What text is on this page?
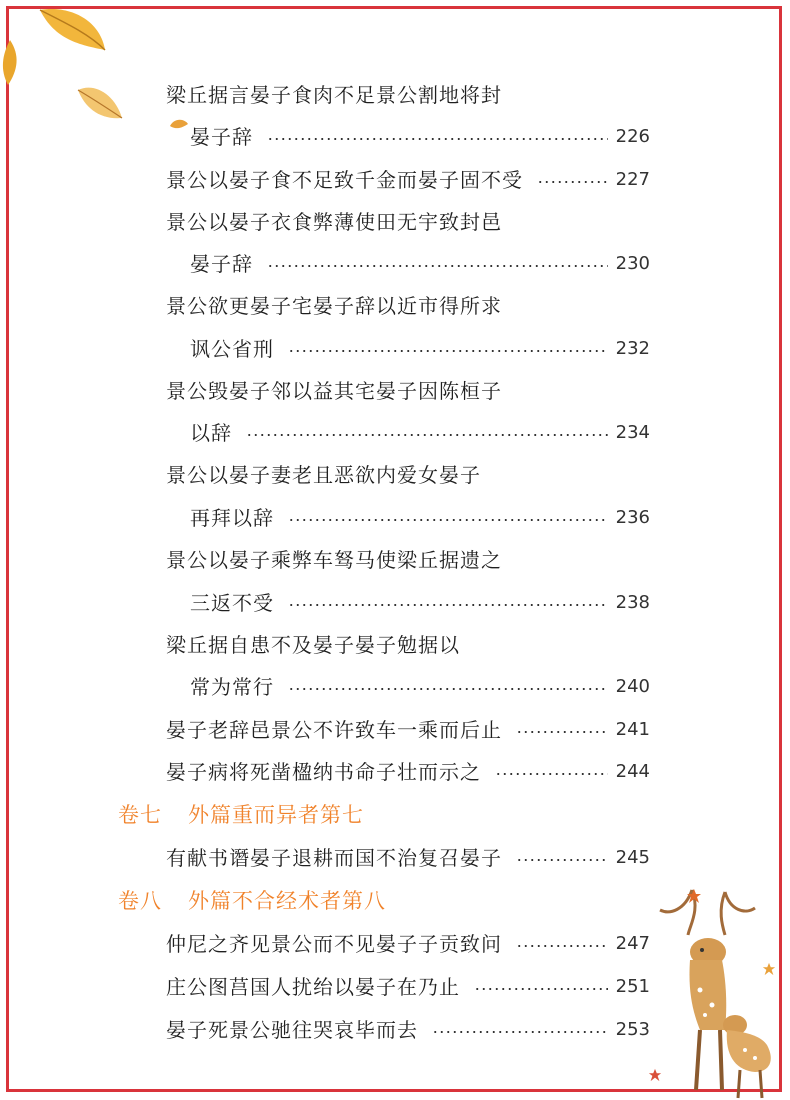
梁丘据言晏子食肉不足景公割地将封
晏子辞	226
景公以晏子食不足致千金而晏子固不受	227
景公以晏子衣食弊薄使田无宇致封邑
晏子辞	230
景公欲更晏子宅晏子辞以近市得所求
讽公省刑	232
景公毁晏子邻以益其宅晏子因陈桓子
以辞	234
景公以晏子妻老且恶欲内爱女晏子
再拜以辞	236
景公以晏子乘弊车驽马使梁丘据遗之
三返不受	238
梁丘据自患不及晏子晏子勉据以
常为常行	240
晏子老辞邑景公不许致车一乘而后止	241
晏子病将死凿楹纳书命子壮而示之	244
卷七 外篇重而异者第七
有献书谮晏子退耕而国不治复召晏子	245
卷八 外篇不合经术者第八
仲尼之齐见景公而不见晏子子贡致问	247
庄公图莒国人扰绐以晏子在乃止	251
晏子死景公驰往哭哀毕而去	253
